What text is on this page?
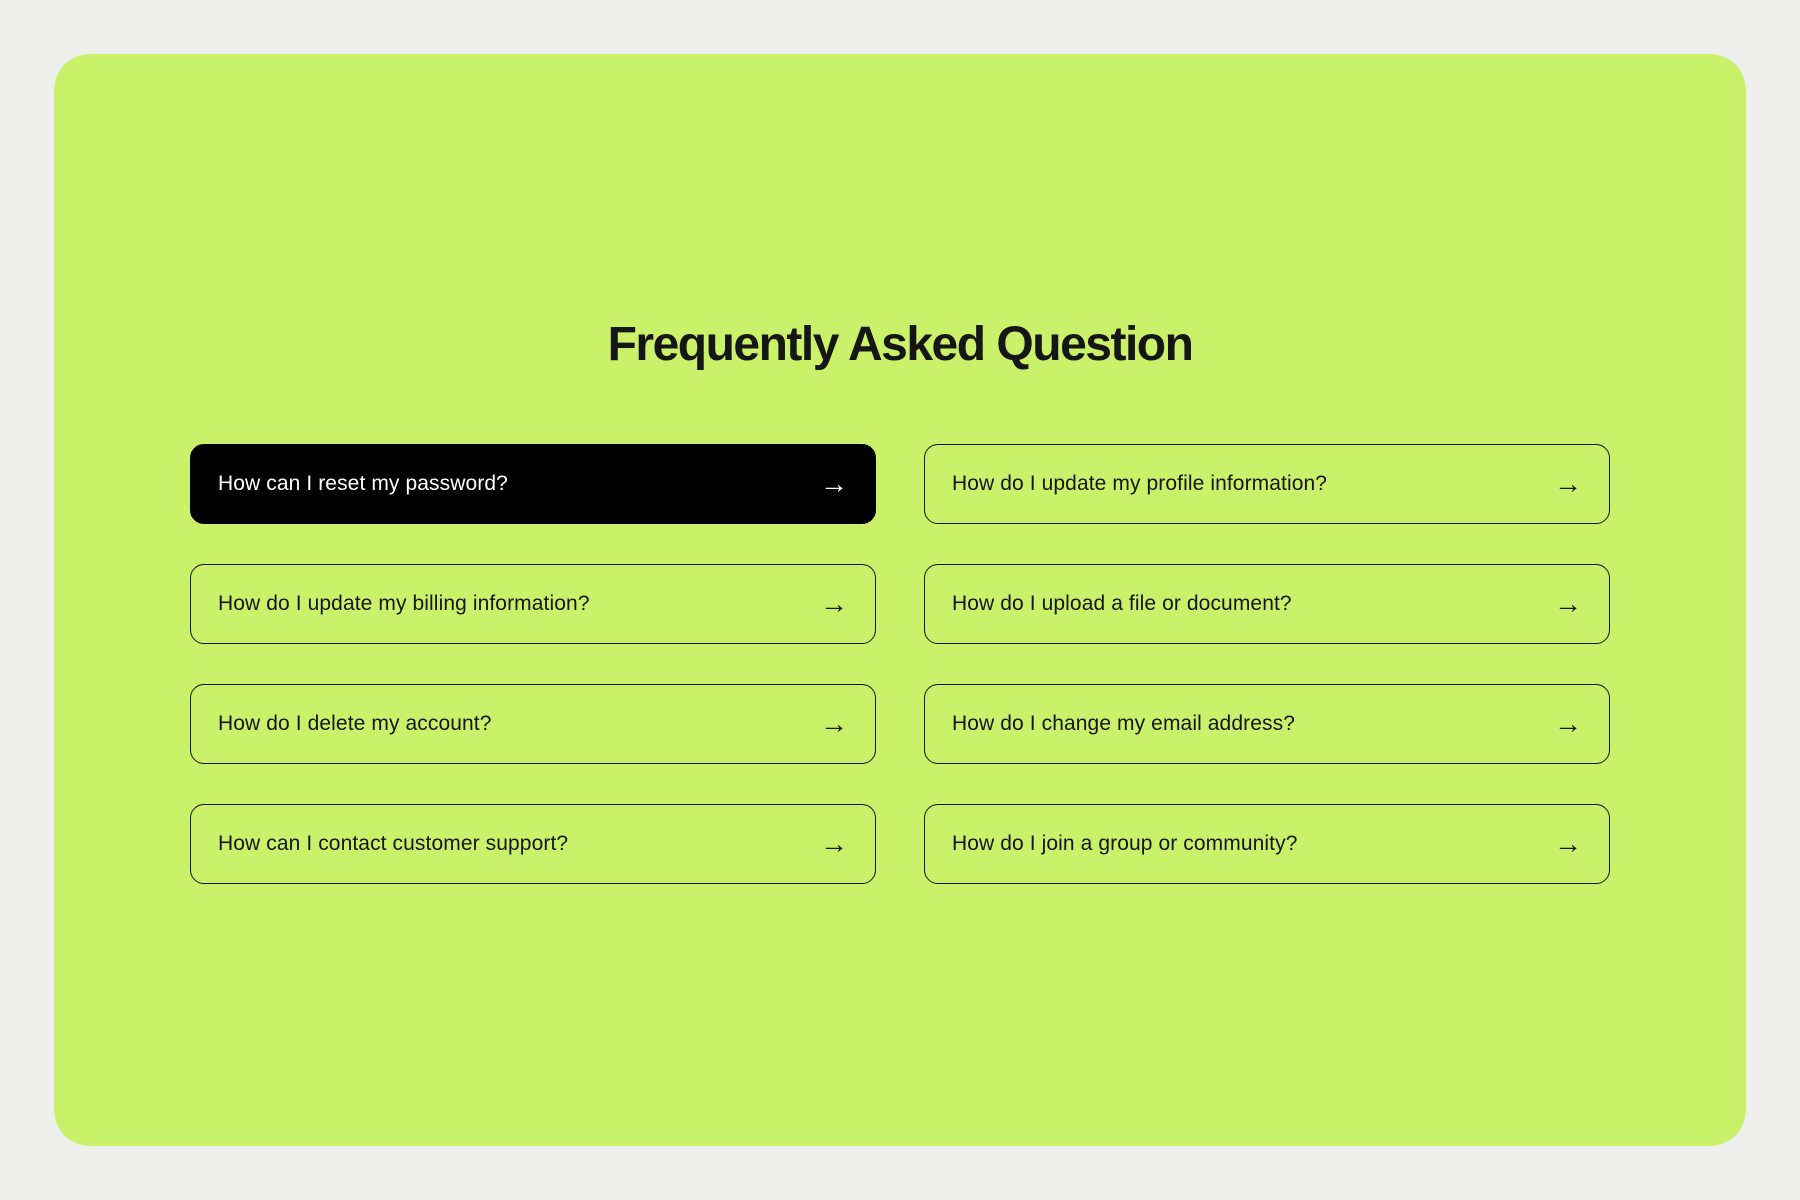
Frequently Asked Question
How can I reset my password?	→	How do I update my profile information?	→
How do I update my billing information?	→	How do I upload a file or document?	→
How do I delete my account?	→	How do I change my email address?	→
How can I contact customer support?	→	How do I join a group or community?	→
